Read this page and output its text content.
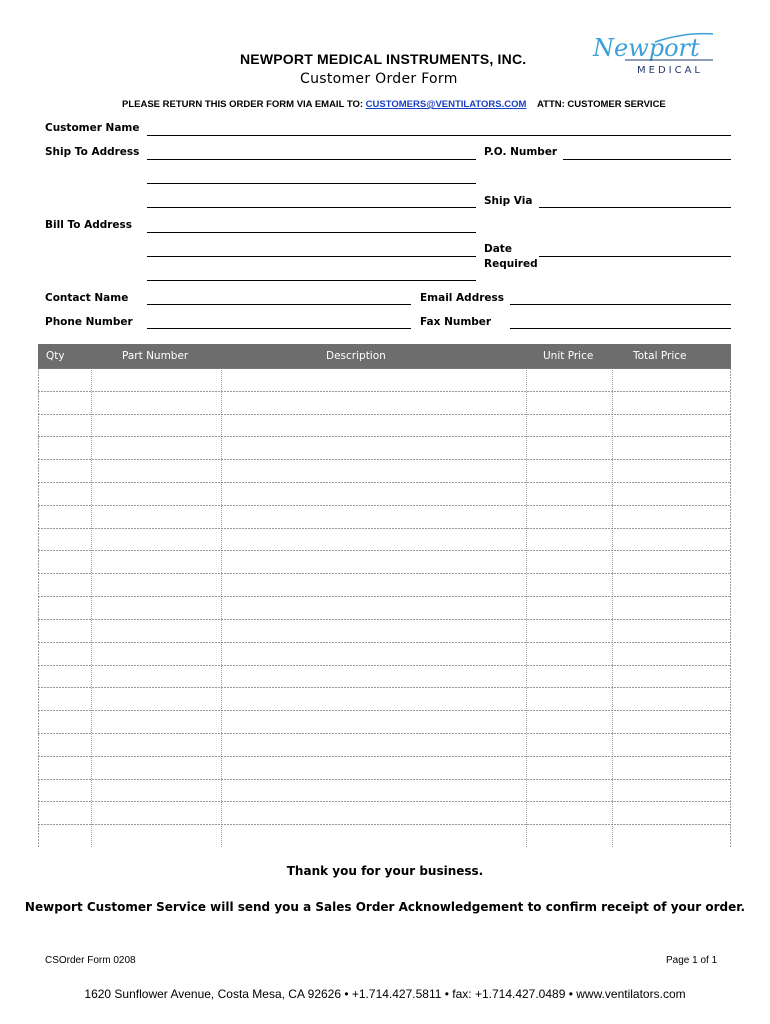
NEWPORT MEDICAL INSTRUMENTS, INC.
Customer Order Form
PLEASE RETURN THIS ORDER FORM VIA EMAIL TO: CUSTOMERS@VENTILATORS.COM ATTN: CUSTOMER SERVICE
Newport
MEDICAL
Customer Name
Ship To Address	P.O. Number
Ship Via
Bill To Address
Date
Required
Contact Name	Email Address
Phone Number	Fax Number
Qty	Part Number	Description	Unit Price	Total Price
Thank you for your business.
Newport Customer Service will send you a Sales Order Acknowledgement to confirm receipt of your order.
CSOrder Form 0208	Page 1 of 1
1620 Sunflower Avenue, Costa Mesa, CA 92626 • +1.714.427.5811 • fax: +1.714.427.0489 • www.ventilators.com
